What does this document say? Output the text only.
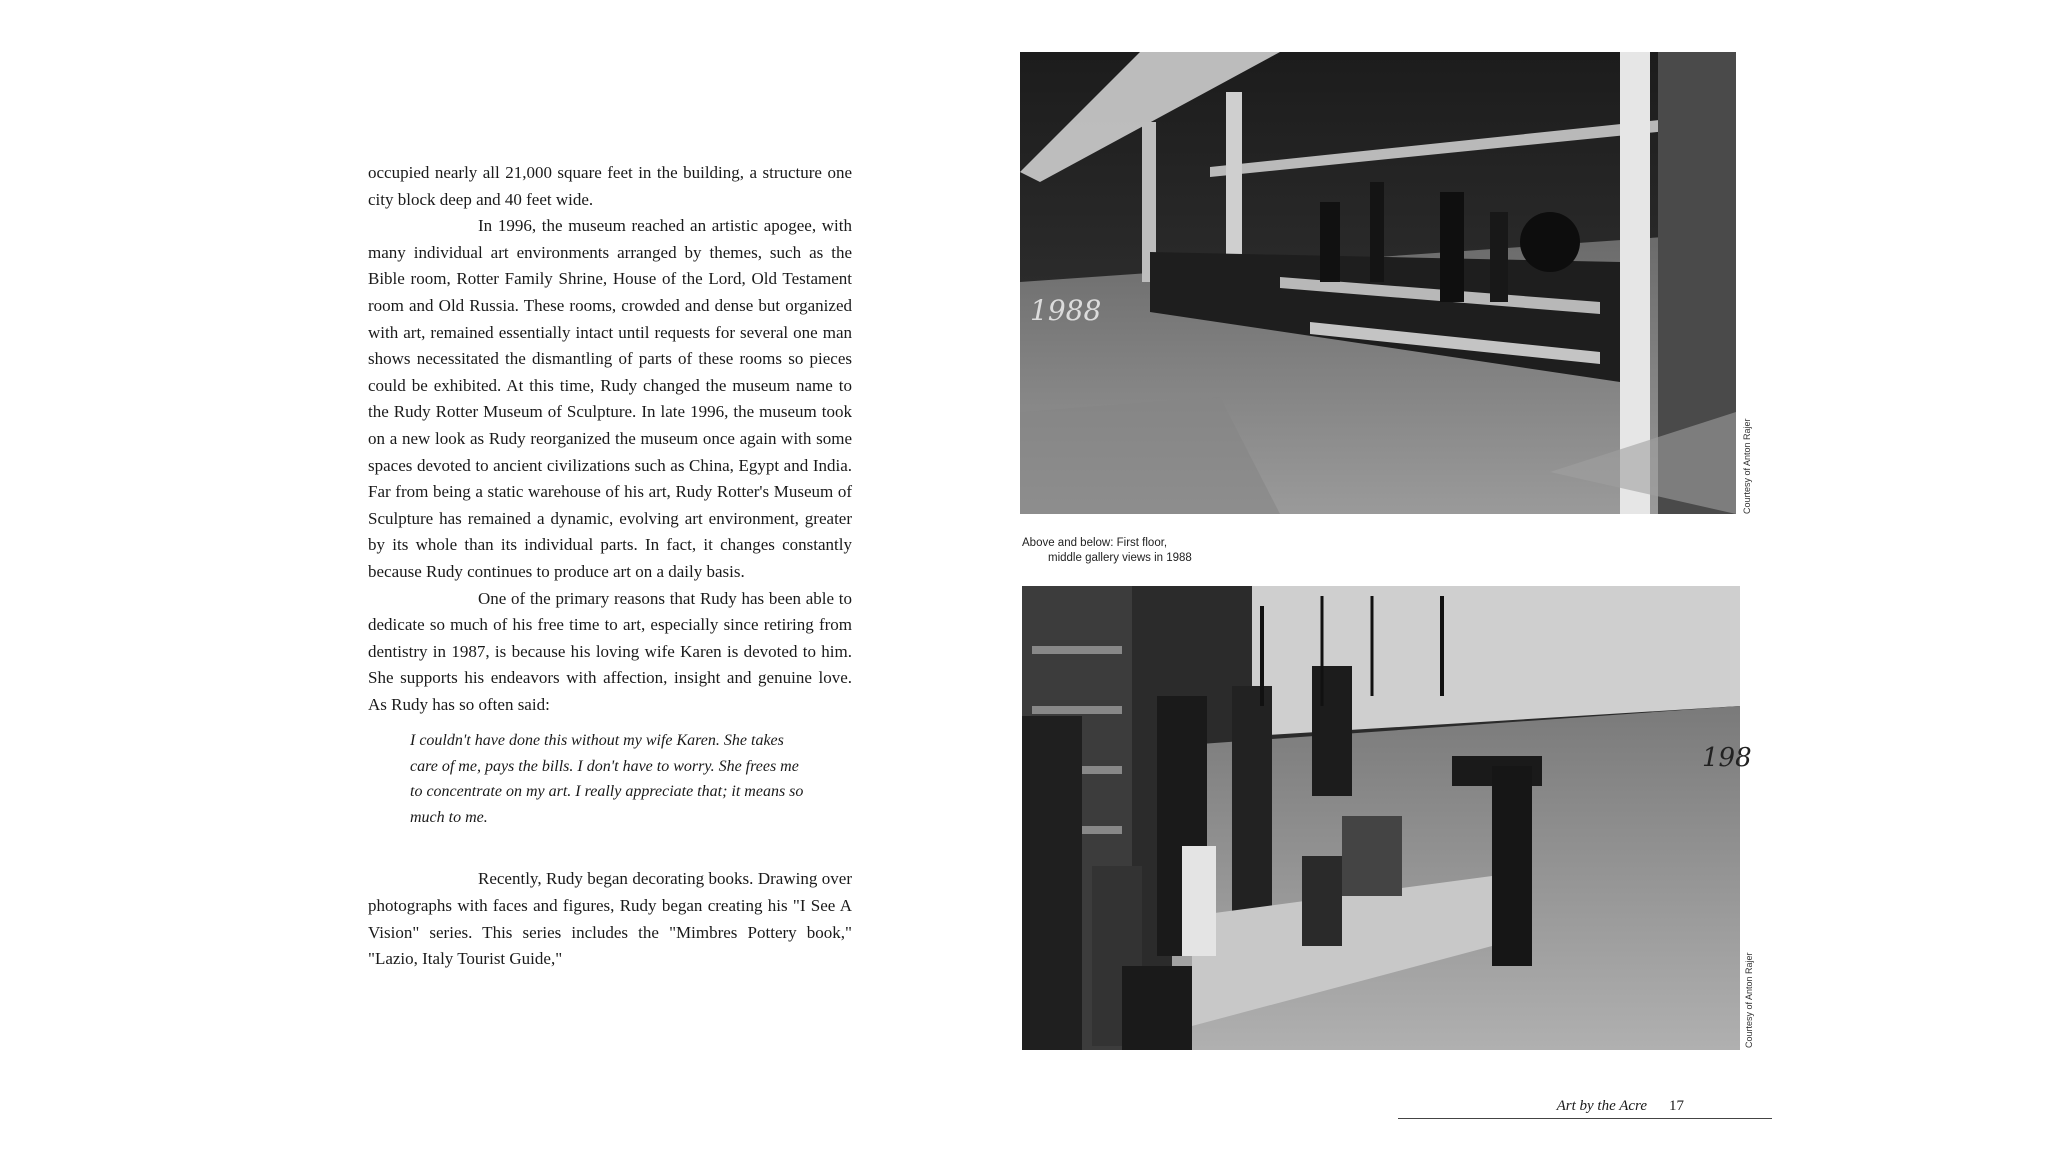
occupied nearly all 21,000 square feet in the building, a structure one city block deep and 40 feet wide.

In 1996, the museum reached an artistic apogee, with many individual art environments arranged by themes, such as the Bible room, Rotter Family Shrine, House of the Lord, Old Testament room and Old Russia. These rooms, crowded and dense but organized with art, remained essentially intact until requests for several one man shows necessitated the dismantling of parts of these rooms so pieces could be exhibited. At this time, Rudy changed the museum name to the Rudy Rotter Museum of Sculpture. In late 1996, the museum took on a new look as Rudy reorganized the museum once again with some spaces devoted to ancient civilizations such as China, Egypt and India. Far from being a static warehouse of his art, Rudy Rotter's Museum of Sculpture has remained a dynamic, evolving art environment, greater by its whole than its individual parts. In fact, it changes constantly because Rudy continues to produce art on a daily basis.

One of the primary reasons that Rudy has been able to dedicate so much of his free time to art, especially since retiring from dentistry in 1987, is because his loving wife Karen is devoted to him. She supports his endeavors with affection, insight and genuine love. As Rudy has so often said:

I couldn't have done this without my wife Karen. She takes care of me, pays the bills. I don't have to worry. She frees me to concentrate on my art. I really appreciate that; it means so much to me.

Recently, Rudy began decorating books. Drawing over photographs with faces and figures, Rudy began creating his "I See A Vision" series. This series includes the "Mimbres Pottery book," "Lazio, Italy Tourist Guide,"

1988
Above and below: First floor,
middle gallery views in 1988
198
Courtesy of Anton Rajer
Courtesy of Anton Rajer
Art by the Acre 17
